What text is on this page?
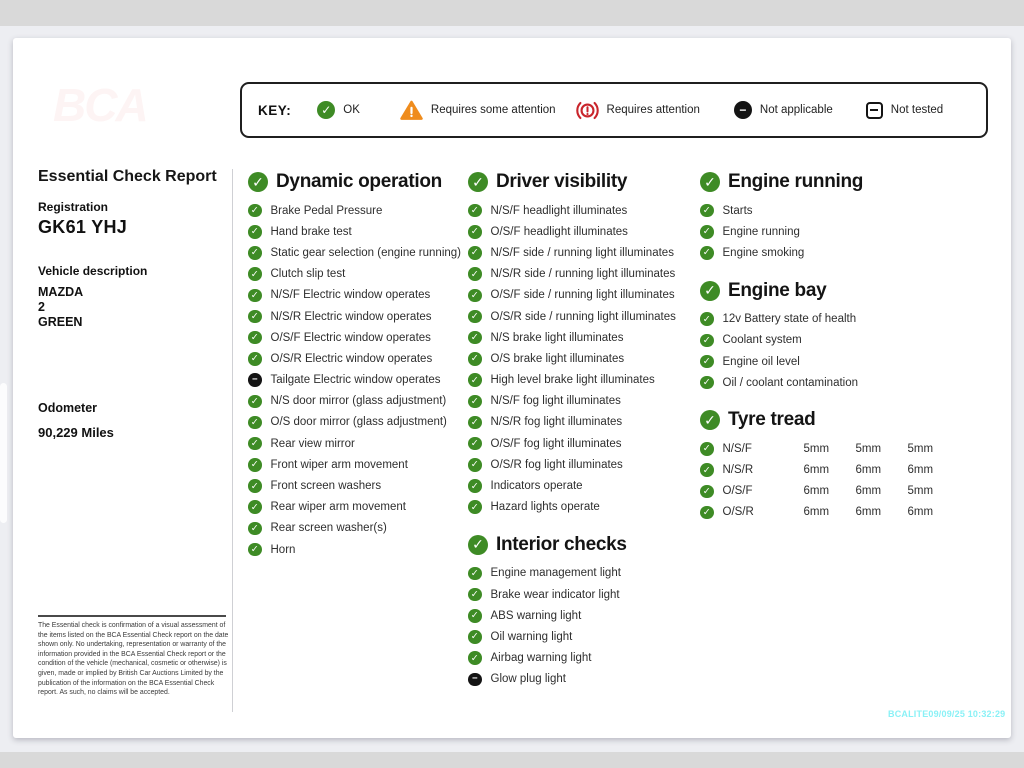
BCA	KEY: ✓	OK	Requires some attention	Requires attention −	Not applicable	Not tested
Essential Check Report
Registration
GK61 YHJ
Vehicle description
MAZDA
2
GREEN
Odometer
90,229 Miles
The Essential check is confirmation of a visual assessment of the items listed on the BCA Essential Check report on the date shown only. No undertaking, representation or warranty of the information provided in the BCA Essential Check report or the condition of the vehicle (mechanical, cosmetic or otherwise) is given, made or implied by British Car Auctions Limited by the publication of the information on the BCA Essential Check report. As such, no claims will be accepted.
✓
Dynamic operation
✓
Brake Pedal Pressure
✓
Hand brake test
✓
Static gear selection (engine running)
✓
Clutch slip test
✓
N/S/F Electric window operates
✓
N/S/R Electric window operates
✓
O/S/F Electric window operates
✓
O/S/R Electric window operates
−
Tailgate Electric window operates
✓
N/S door mirror (glass adjustment)
✓
O/S door mirror (glass adjustment)
✓
Rear view mirror
✓
Front wiper arm movement
✓
Front screen washers
✓
Rear wiper arm movement
✓
Rear screen washer(s)
✓
Horn
✓
Driver visibility
✓
N/S/F headlight illuminates
✓
O/S/F headlight illuminates
✓
N/S/F side / running light illuminates
✓
N/S/R side / running light illuminates
✓
O/S/F side / running light illuminates
✓
O/S/R side / running light illuminates
✓
N/S brake light illuminates
✓
O/S brake light illuminates
✓
High level brake light illuminates
✓
N/S/F fog light illuminates
✓
N/S/R fog light illuminates
✓
O/S/F fog light illuminates
✓
O/S/R fog light illuminates
✓
Indicators operate
✓
Hazard lights operate
✓
Interior checks
✓
Engine management light
✓
Brake wear indicator light
✓
ABS warning light
✓
Oil warning light
✓
Airbag warning light
−
Glow plug light
✓
Engine running
✓
Starts
✓
Engine running
✓
Engine smoking
✓
Engine bay
✓
12v Battery state of health
✓
Coolant system
✓
Engine oil level
✓
Oil / coolant contamination
✓
Tyre tread
✓
N/S/F	5mm	5mm	5mm
✓
N/S/R	6mm	6mm	6mm
✓
O/S/F	6mm	6mm	5mm
✓
O/S/R	6mm	6mm	6mm
BCALITE09/09/25 10:32:29
